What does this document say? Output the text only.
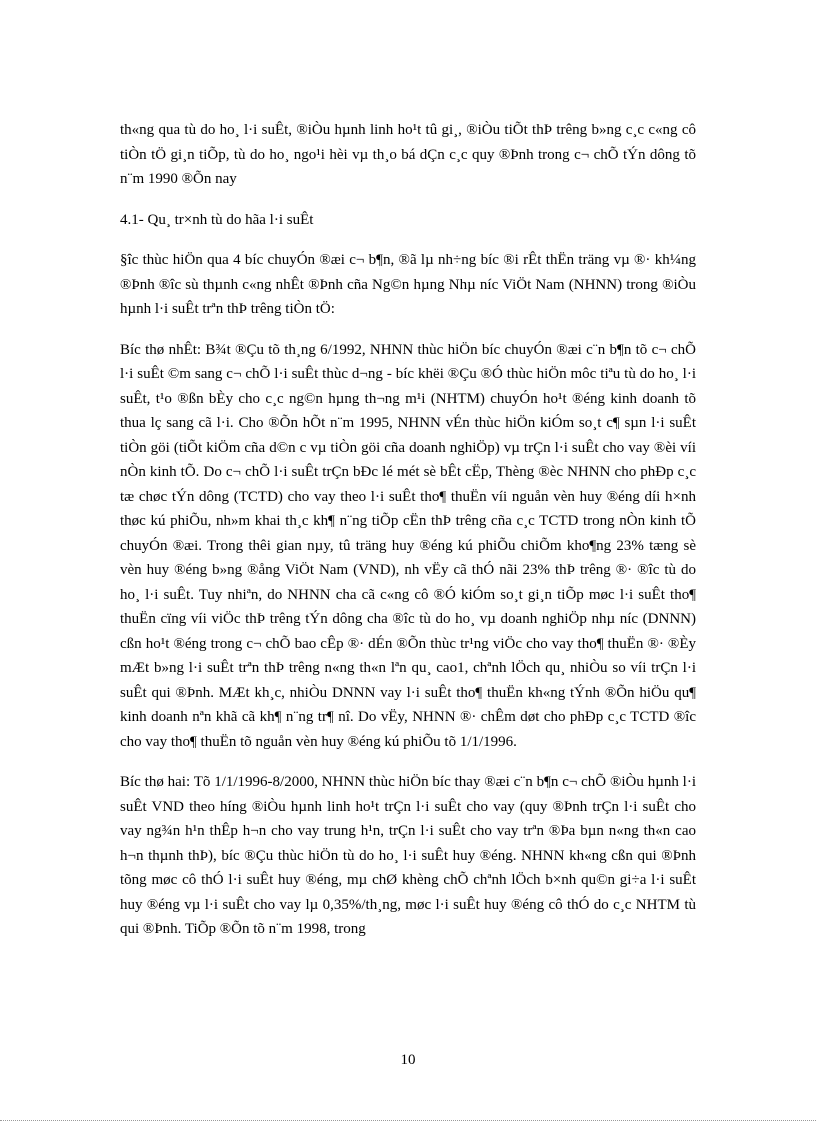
th«ng qua tù do ho¸ l·i suÊt, ®iÒu hµnh linh ho¹t tû gi¸, ®iÒu tiÕt thÞ trêng b»ng c¸c c«ng cô tiÒn tÖ gi¸n tiÕp, tù do ho¸ ngo¹i hèi vµ th¸o bá dÇn c¸c quy ®Þnh trong c¬ chÕ tÝn dông tõ n¨m 1990 ®Õn nay

4.1- Qu¸ tr×nh tù do hãa l·i suÊt

§îc thùc hiÖn qua 4 bíc chuyÓn ®æi c¬ b¶n, ®ã lµ nh÷ng bíc ®i rÊt thËn träng vµ ®· kh¼ng ®Þnh ®îc sù thµnh c«ng nhÊt ®Þnh cña Ng©n hµng Nhµ níc ViÖt Nam (NHNN) trong ®iÒu hµnh l·i suÊt trªn thÞ trêng tiÒn tÖ:

Bíc thø nhÊt: B¾t ®Çu tõ th¸ng 6/1992, NHNN thùc hiÖn bíc chuyÓn ®æi c¨n b¶n tõ c¬ chÕ l·i suÊt ©m sang c¬ chÕ l·i suÊt thùc d¬ng - bíc khëi ®Çu ®Ó thùc hiÖn môc tiªu tù do ho¸ l·i suÊt, t¹o ®ßn bÈy cho c¸c ng©n hµng th¬ng m¹i (NHTM) chuyÓn ho¹t ®éng kinh doanh tõ thua lç sang cã l·i. Cho ®Õn hÕt n¨m 1995, NHNN vÉn thùc hiÖn kiÓm so¸t c¶ sµn l·i suÊt tiÒn göi (tiÕt kiÖm cña d©n c vµ tiÒn göi cña doanh nghiÖp) vµ trÇn l·i suÊt cho vay ®èi víi nÒn kinh tÕ. Do c¬ chÕ l·i suÊt trÇn bÐc lé mét sè bÊt cËp, Thèng ®èc NHNN cho phÐp c¸c tæ chøc tÝn dông (TCTD) cho vay theo l·i suÊt tho¶ thuËn víi nguån vèn huy ®éng díi h×nh thøc kú phiÕu, nh»m khai th¸c kh¶ n¨ng tiÕp cËn thÞ trêng cña c¸c TCTD trong nÒn kinh tÕ chuyÓn ®æi. Trong thêi gian nµy, tû träng huy ®éng kú phiÕu chiÕm kho¶ng 23% tæng sè vèn huy ®éng b»ng ®ång ViÖt Nam (VND), nh vËy cã thÓ nãi 23% thÞ trêng ®· ®îc tù do ho¸ l·i suÊt. Tuy nhiªn, do NHNN cha cã c«ng cô ®Ó kiÓm so¸t gi¸n tiÕp møc l·i suÊt tho¶ thuËn cïng víi viÖc thÞ trêng tÝn dông cha ®îc tù do ho¸ vµ doanh nghiÖp nhµ níc (DNNN) cßn ho¹t ®éng trong c¬ chÕ bao cÊp ®· dÉn ®Õn thùc tr¹ng viÖc cho vay tho¶ thuËn ®· ®Èy mÆt b»ng l·i suÊt trªn thÞ trêng n«ng th«n lªn qu¸ cao1, chªnh lÖch qu¸ nhiÒu so víi trÇn l·i suÊt qui ®Þnh. MÆt kh¸c, nhiÒu DNNN vay l·i suÊt tho¶ thuËn kh«ng tÝnh ®Õn hiÖu qu¶ kinh doanh nªn khã cã kh¶ n¨ng tr¶ nî. Do vËy, NHNN ®· chÊm døt cho phÐp c¸c TCTD ®îc cho vay tho¶ thuËn tõ nguån vèn huy ®éng kú phiÕu tõ 1/1/1996.

Bíc thø hai: Tõ 1/1/1996-8/2000, NHNN thùc hiÖn bíc thay ®æi c¨n b¶n c¬ chÕ ®iÒu hµnh l·i suÊt VND theo híng ®iÒu hµnh linh ho¹t trÇn l·i suÊt cho vay (quy ®Þnh trÇn l·i suÊt cho vay ng¾n h¹n thÊp h¬n cho vay trung h¹n, trÇn l·i suÊt cho vay trªn ®Þa bµn n«ng th«n cao h¬n thµnh thÞ), bíc ®Çu thùc hiÖn tù do ho¸ l·i suÊt huy ®éng. NHNN kh«ng cßn qui ®Þnh tõng møc cô thÓ l·i suÊt huy ®éng, mµ chØ khèng chÕ chªnh lÖch b×nh qu©n gi÷a l·i suÊt huy ®éng vµ l·i suÊt cho vay lµ 0,35%/th¸ng, møc l·i suÊt huy ®éng cô thÓ do c¸c NHTM tù qui ®Þnh. TiÕp ®Õn tõ n¨m 1998, trong

10
